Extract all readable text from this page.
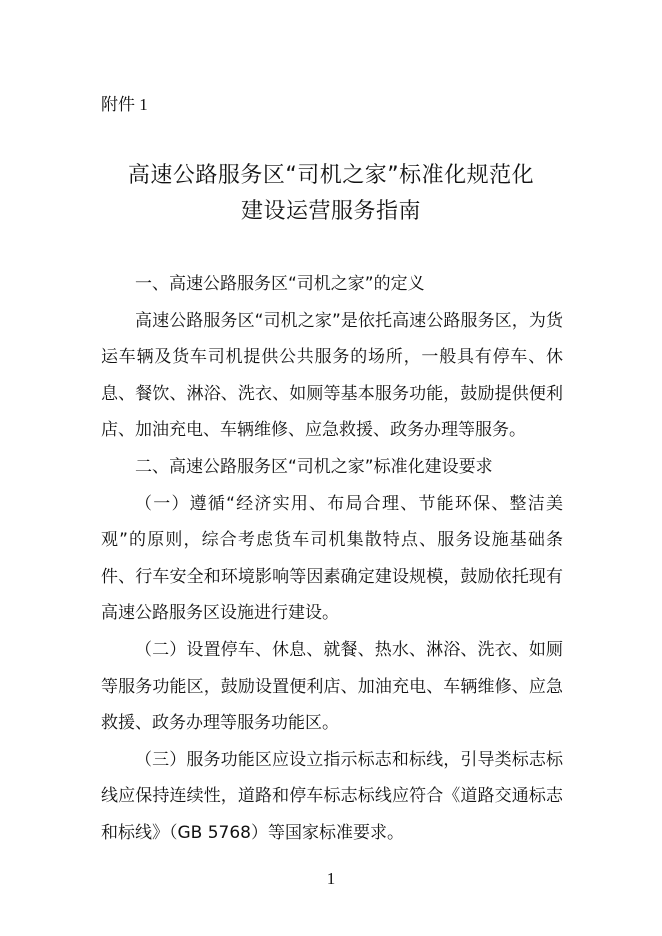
附件 1
高速公路服务区“司机之家”标准化规范化
建设运营服务指南

一、高速公路服务区“司机之家”的定义

高速公路服务区“司机之家”是依托高速公路服务区，为货运车辆及货车司机提供公共服务的场所，一般具有停车、休息、餐饮、淋浴、洗衣、如厕等基本服务功能，鼓励提供便利店、加油充电、车辆维修、应急救援、政务办理等服务。

二、高速公路服务区“司机之家”标准化建设要求

（一）遵循“经济实用、布局合理、节能环保、整洁美观”的原则，综合考虑货车司机集散特点、服务设施基础条件、行车安全和环境影响等因素确定建设规模，鼓励依托现有高速公路服务区设施进行建设。

（二）设置停车、休息、就餐、热水、淋浴、洗衣、如厕等服务功能区，鼓励设置便利店、加油充电、车辆维修、应急救援、政务办理等服务功能区。

（三）服务功能区应设立指示标志和标线，引导类标志标线应保持连续性，道路和停车标志标线应符合《道路交通标志和标线》（GB 5768）等国家标准要求。

1
